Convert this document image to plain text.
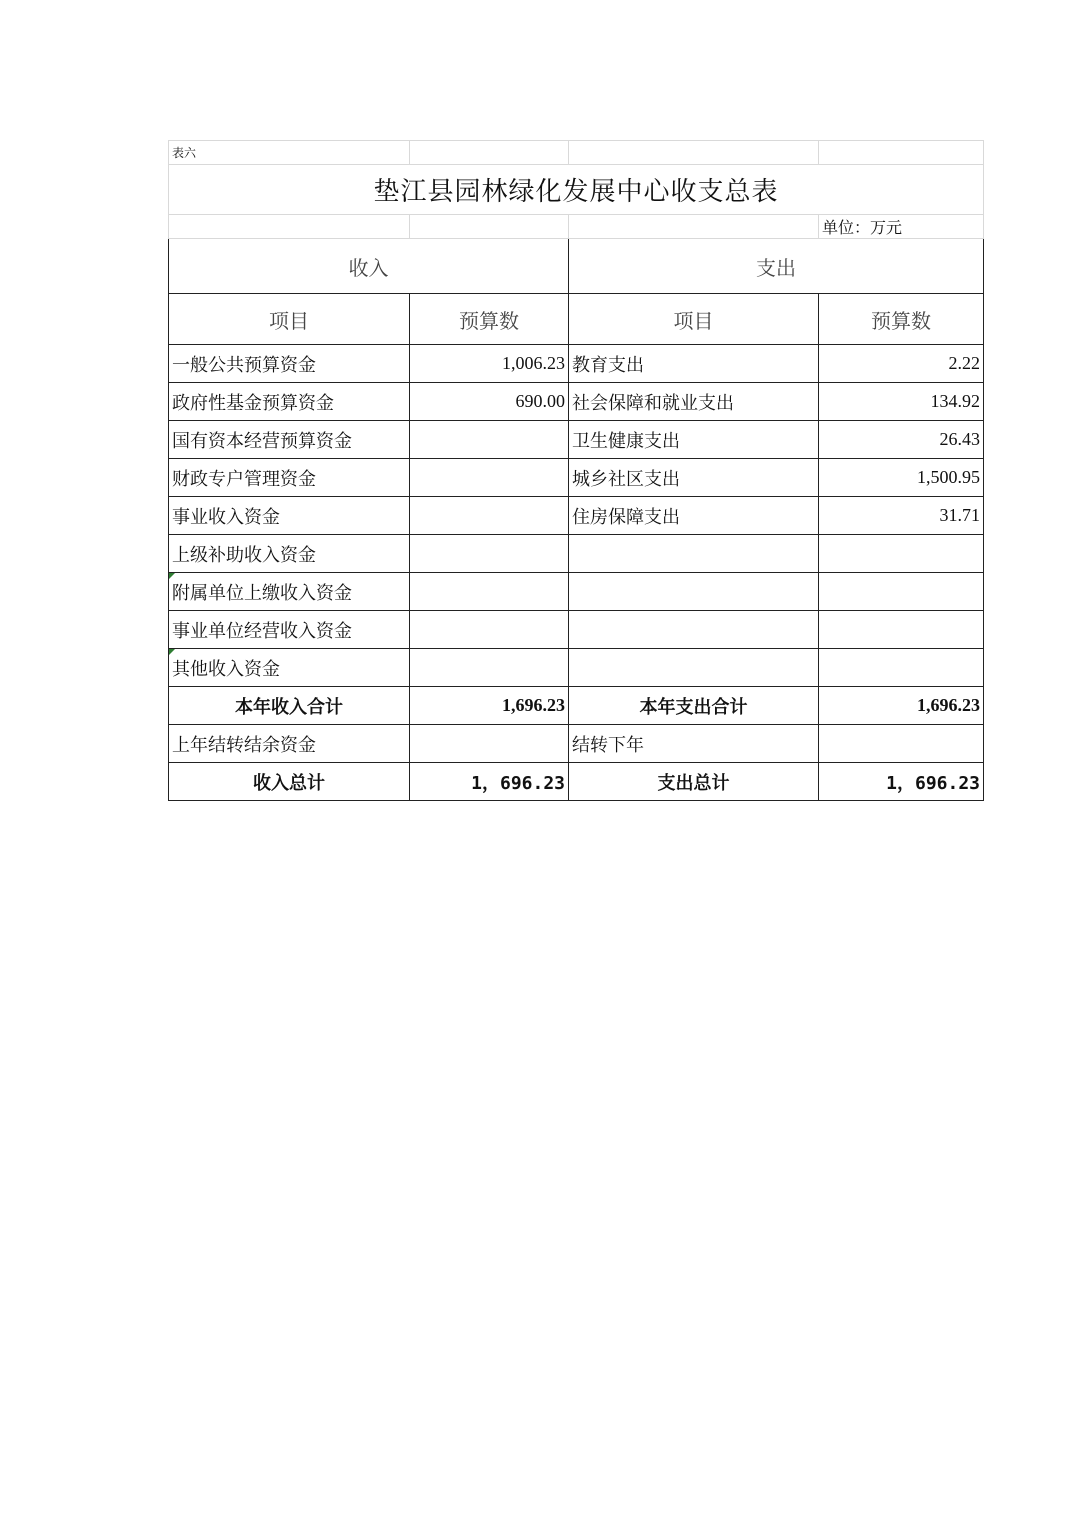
表六			
垫江县园林绿化发展中心收支总表			
			单位：万元
收入		支出	
项目	预算数	项目	预算数
一般公共预算资金	1,006.23	教育支出	2.22
政府性基金预算资金	690.00	社会保障和就业支出	134.92
国有资本经营预算资金		卫生健康支出	26.43
财政专户管理资金		城乡社区支出	1,500.95
事业收入资金		住房保障支出	31.71
上级补助收入资金			
附属单位上缴收入资金			
事业单位经营收入资金			
其他收入资金			
本年收入合计	1,696.23	本年支出合计	1,696.23
上年结转结余资金		结转下年	
收入总计	1，696.23	支出总计	1，696.23
